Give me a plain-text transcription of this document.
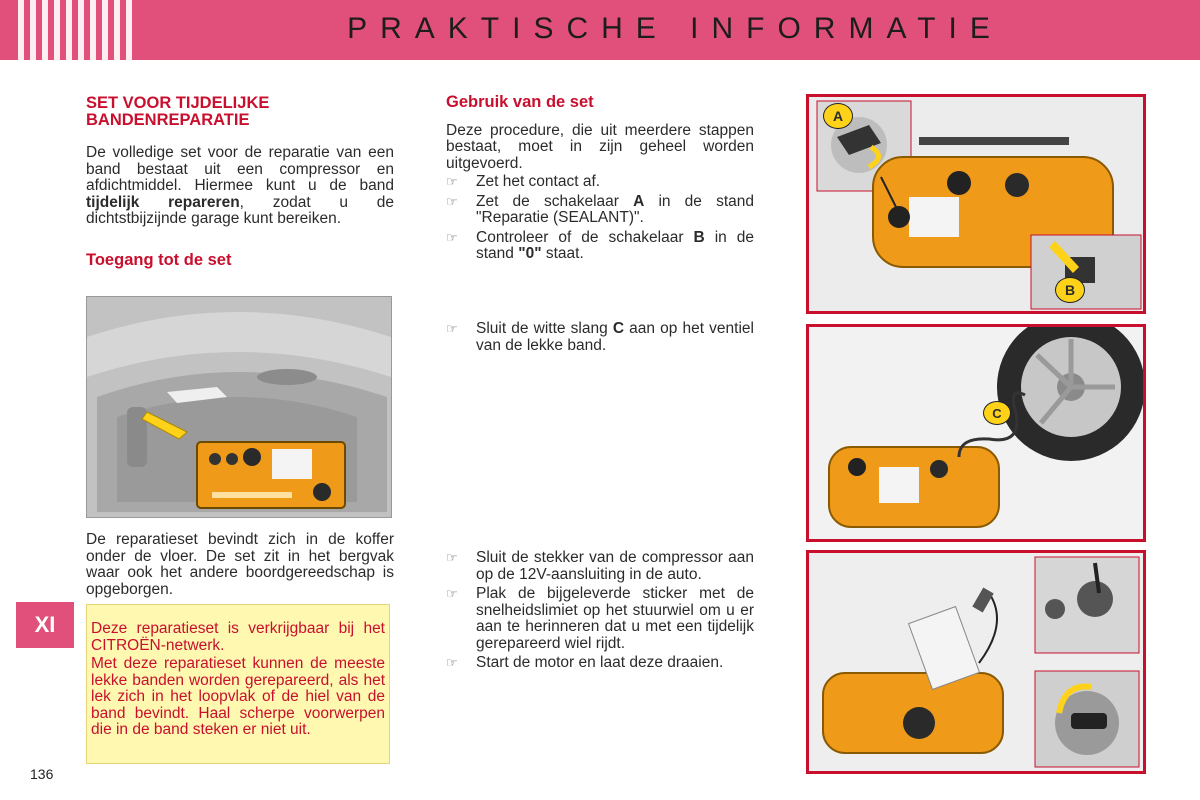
PRAKTISCHE INFORMATIE
SET VOOR TIJDELIJKE BANDENREPARATIE

De volledige set voor de reparatie van een band bestaat uit een compressor en afdichtmiddel. Hiermee kunt u de band tijdelijk repareren, zodat u de dichtstbijzijnde garage kunt bereiken.

Toegang tot de set

De reparatieset bevindt zich in de koffer onder de vloer. De set zit in het bergvak waar ook het andere boordgereedschap is opgeborgen.

XI	Deze reparatieset is verkrijgbaar bij het CITROËN-netwerk.

Met deze reparatieset kunnen de meeste lekke banden worden gerepareerd, als het lek zich in het loopvlak of de hiel van de band bevindt. Haal scherpe voorwerpen die in de band steken er niet uit.

136
Gebruik van de set

Deze procedure, die uit meerdere stappen bestaat, moet in zijn geheel worden uitgevoerd.

☞ Zet het contact af.
☞ Zet de schakelaar A in de stand "Reparatie (SEALANT)".
☞ Controleer of de schakelaar B in de stand "0" staat.
☞ Sluit de witte slang C aan op het ventiel van de lekke band.
☞ Sluit de stekker van de compressor aan op de 12V-aansluiting in de auto.
☞ Plak de bijgeleverde sticker met de snelheidslimiet op het stuurwiel om u er aan te herinneren dat u met een tijdelijk gerepareerd wiel rijdt.
☞ Start de motor en laat deze draaien.
A
B
C
